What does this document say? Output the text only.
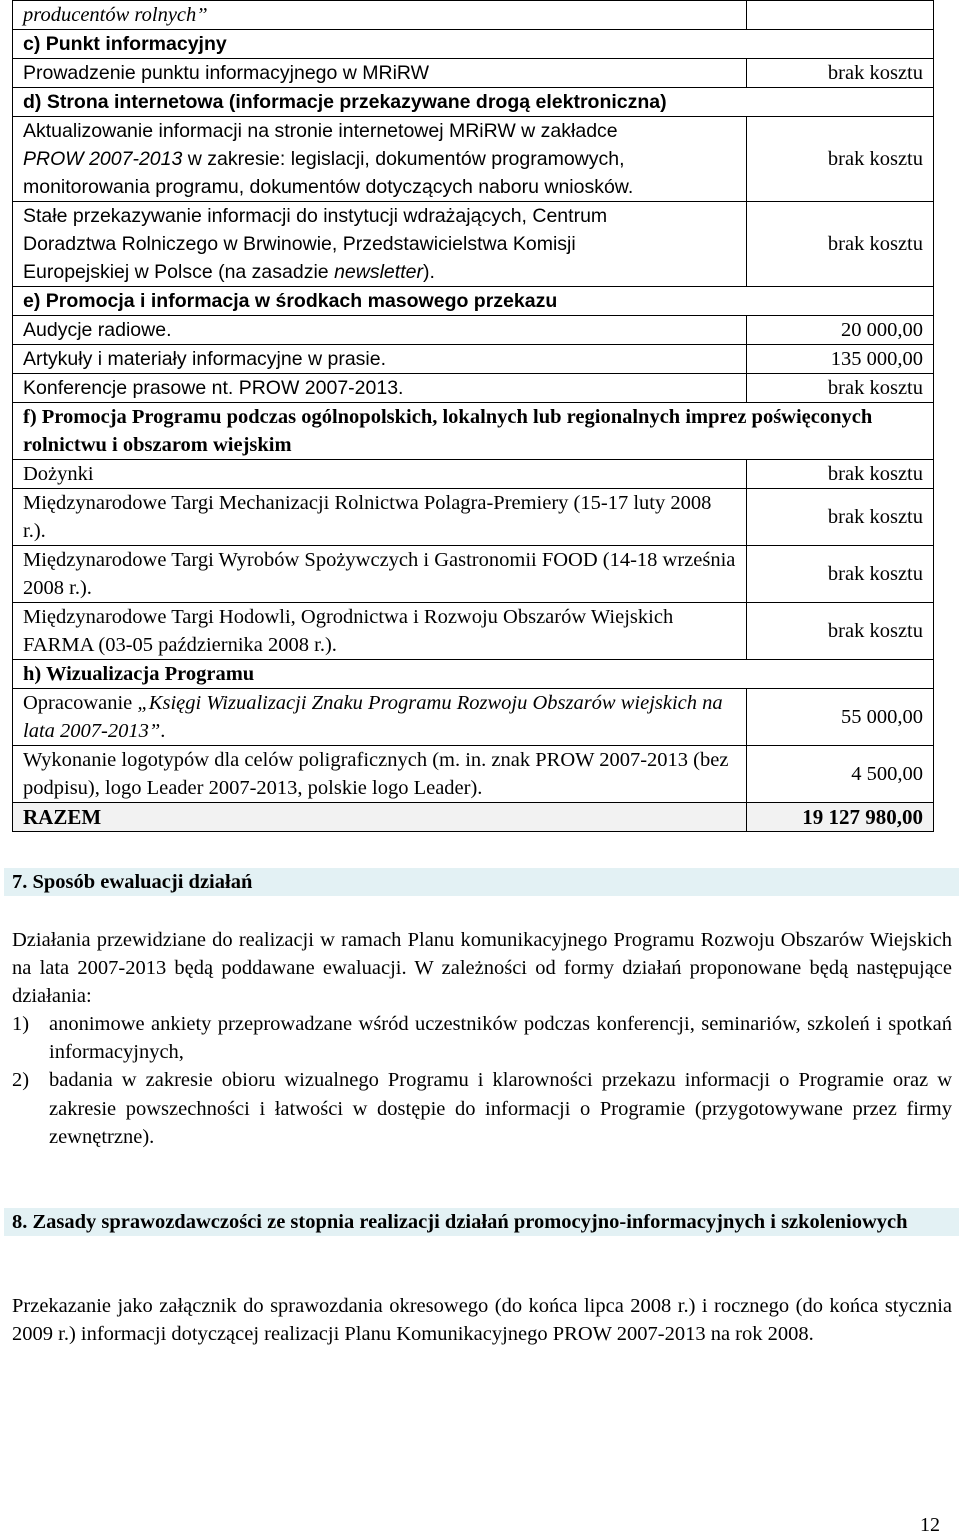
producentów rolnych”	
c) Punkt informacyjny	
Prowadzenie punktu informacyjnego w MRiRW	brak kosztu
d) Strona internetowa (informacje przekazywane drogą elektroniczna)	
Aktualizowanie informacji na stronie internetowej MRiRW w zakładce
PROW 2007-2013 w zakresie: legislacji, dokumentów programowych,
monitorowania programu, dokumentów dotyczących naboru wniosków.	brak kosztu
Stałe przekazywanie informacji do instytucji wdrażających, Centrum
Doradztwa Rolniczego w Brwinowie, Przedstawicielstwa Komisji
Europejskiej w Polsce (na zasadzie newsletter).	brak kosztu
e) Promocja i informacja w środkach masowego przekazu	
Audycje radiowe.	20 000,00
Artykuły i materiały informacyjne w prasie.	135 000,00
Konferencje prasowe nt. PROW 2007-2013.	brak kosztu
f) Promocja Programu podczas ogólnopolskich, lokalnych lub regionalnych imprez poświęconych rolnictwu i obszarom wiejskim	
Dożynki	brak kosztu
Międzynarodowe Targi Mechanizacji Rolnictwa Polagra-Premiery (15-17 luty 2008 r.).	brak kosztu
Międzynarodowe Targi Wyrobów Spożywczych i Gastronomii FOOD (14-18 września 2008 r.).	brak kosztu
Międzynarodowe Targi Hodowli, Ogrodnictwa i Rozwoju Obszarów Wiejskich FARMA (03-05 października 2008 r.).	brak kosztu
h) Wizualizacja Programu	
Opracowanie „Księgi Wizualizacji Znaku Programu Rozwoju Obszarów wiejskich na lata 2007-2013”.	55 000,00
Wykonanie logotypów dla celów poligraficznych (m. in. znak PROW 2007-2013 (bez podpisu), logo Leader 2007-2013, polskie logo Leader).	4 500,00
RAZEM	19 127 980,00
7. Sposób ewaluacji działań

Działania przewidziane do realizacji w ramach Planu komunikacyjnego Programu Rozwoju Obszarów Wiejskich na lata 2007-2013 będą poddawane ewaluacji. W zależności od formy działań proponowane będą następujące działania:

1) anonimowe ankiety przeprowadzane wśród uczestników podczas konferencji, seminariów, szkoleń i spotkań informacyjnych,
2) badania w zakresie obioru wizualnego Programu i klarowności przekazu informacji o Programie oraz w zakresie powszechności i łatwości w dostępie do informacji o Programie (przygotowywane przez firmy zewnętrzne).
8. Zasady sprawozdawczości ze stopnia realizacji działań promocyjno-informacyjnych i szkoleniowych

Przekazanie jako załącznik do sprawozdania okresowego (do końca lipca 2008 r.) i rocznego (do końca stycznia 2009 r.) informacji dotyczącej realizacji Planu Komunikacyjnego PROW 2007-2013 na rok 2008.

12
